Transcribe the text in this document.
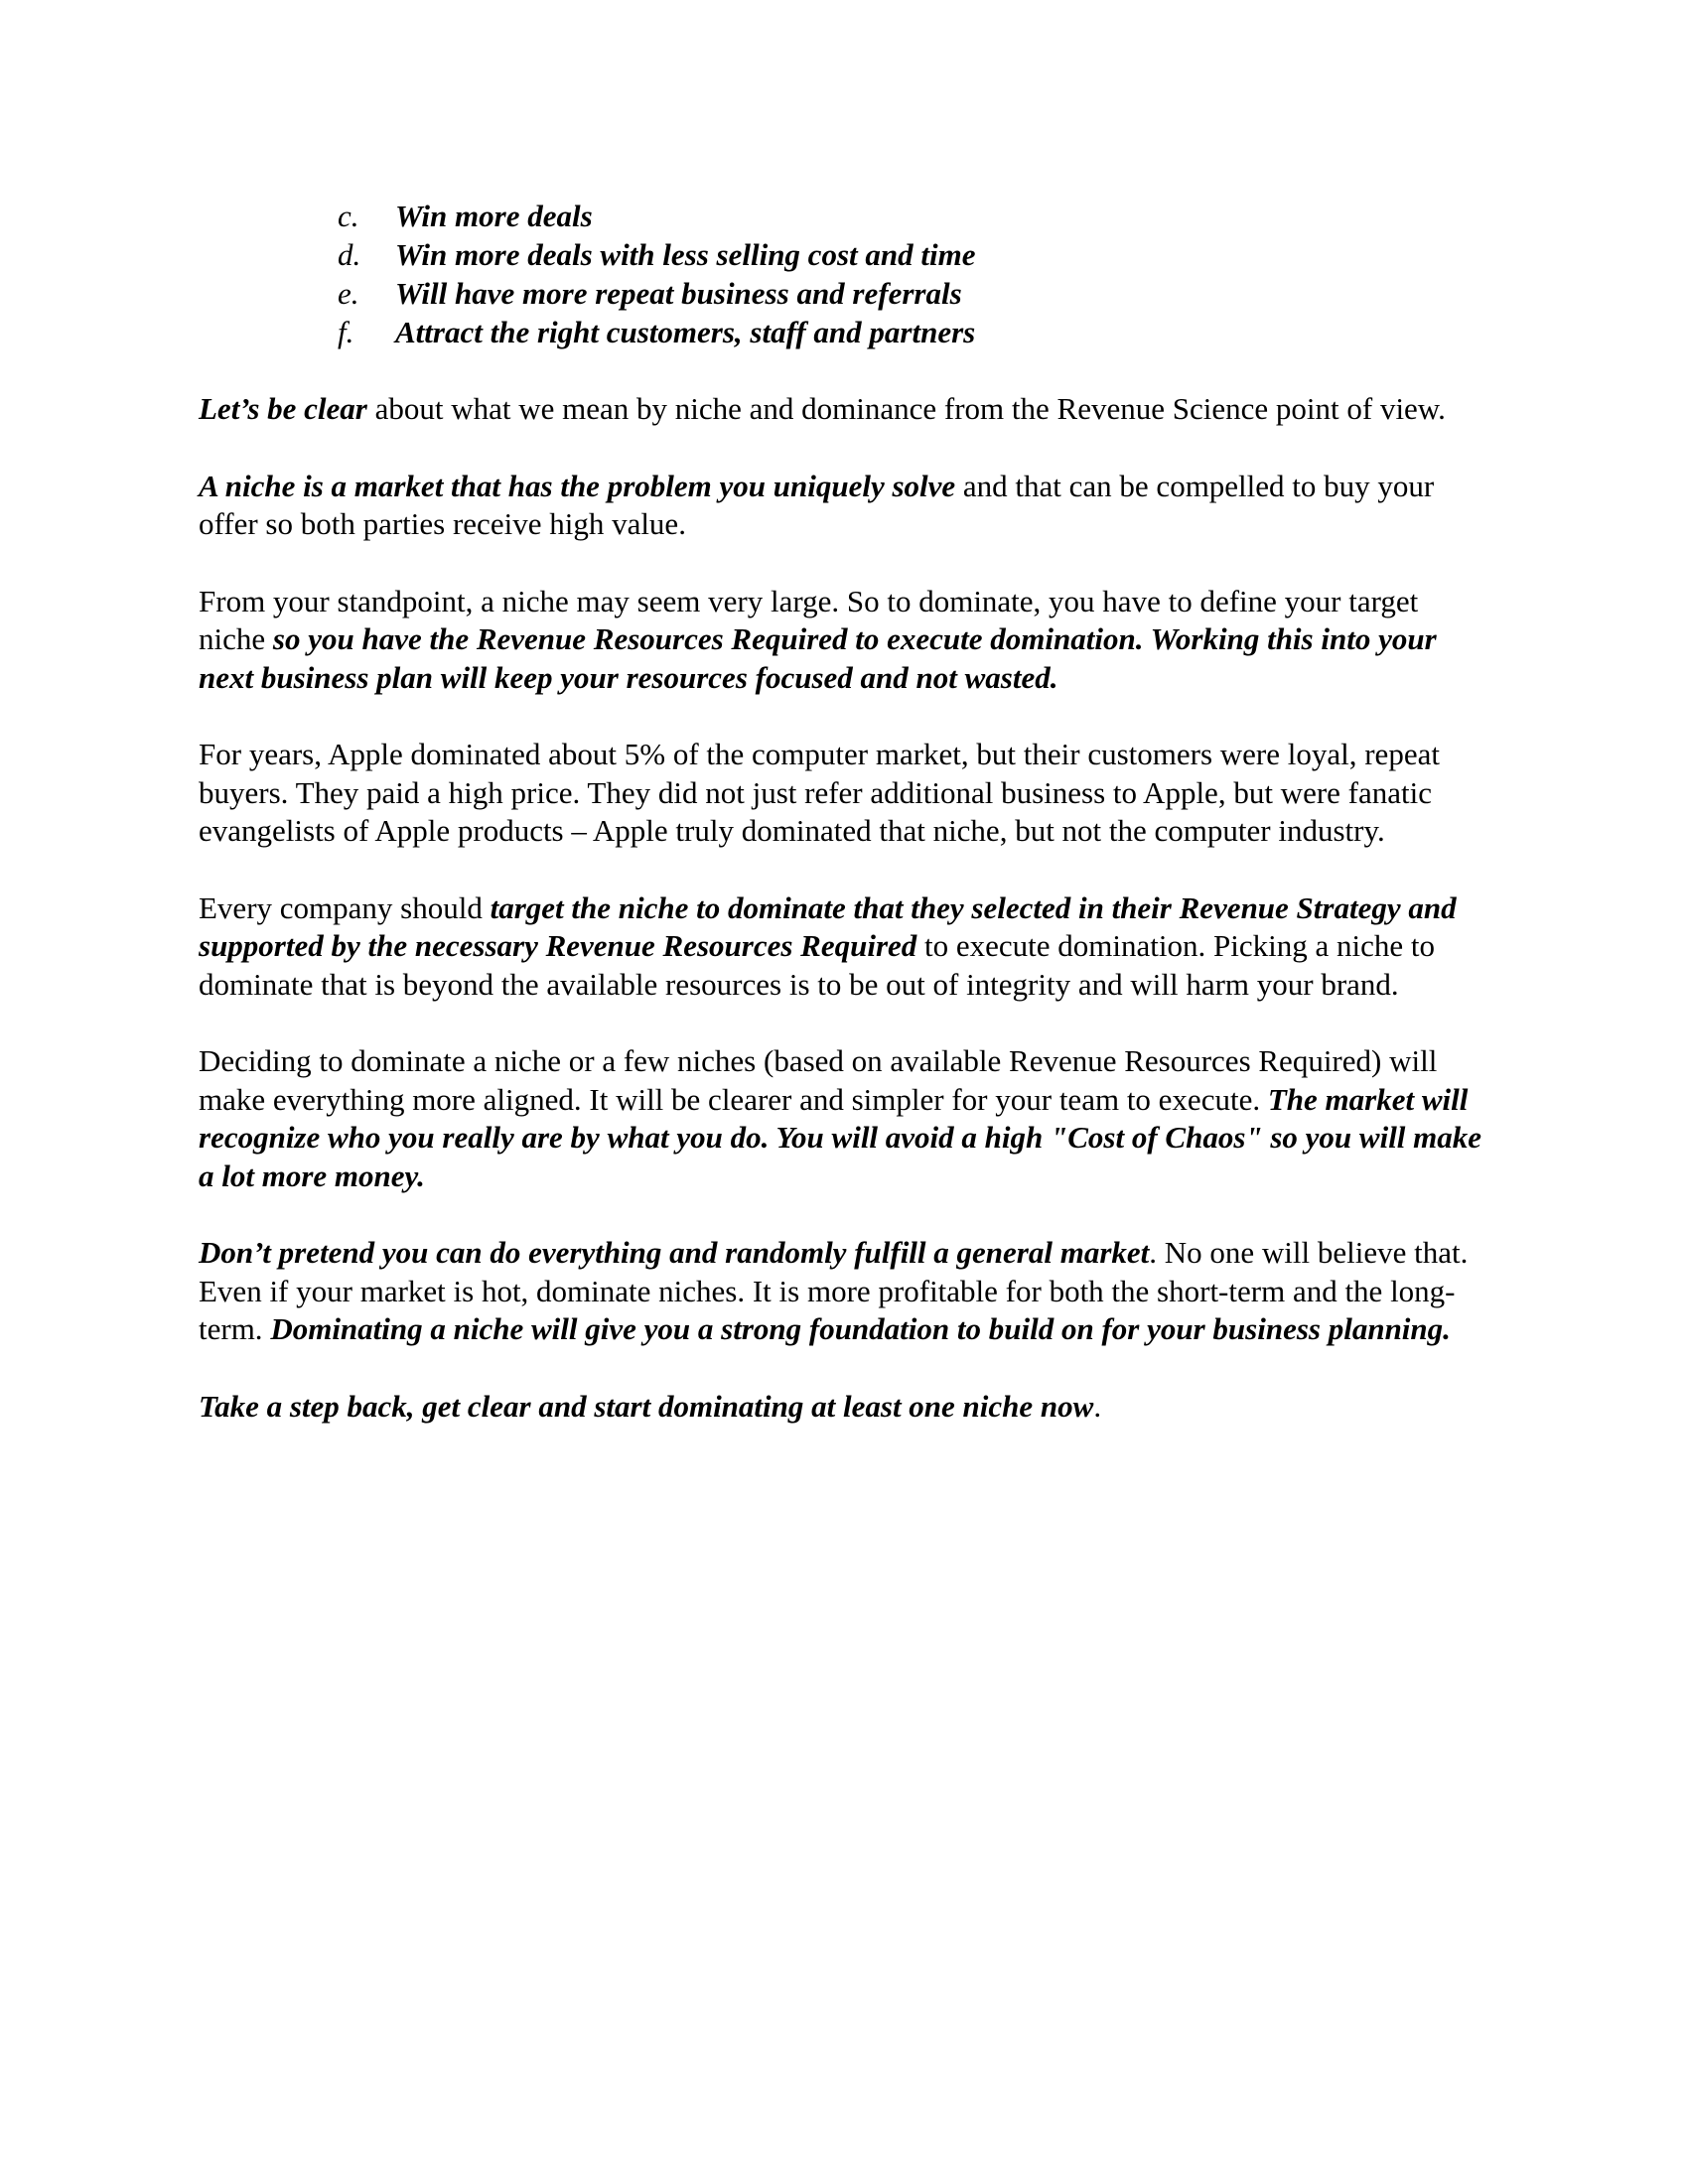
c. Win more deals
d. Win more deals with less selling cost and time
e. Will have more repeat business and referrals
f. Attract the right customers, staff and partners

Let’s be clear about what we mean by niche and dominance from the Revenue Science point of view.

A niche is a market that has the problem you uniquely solve and that can be compelled to buy your offer so both parties receive high value.

From your standpoint, a niche may seem very large. So to dominate, you have to define your target niche so you have the Revenue Resources Required to execute domination. Working this into your next business plan will keep your resources focused and not wasted.

For years, Apple dominated about 5% of the computer market, but their customers were loyal, repeat buyers. They paid a high price. They did not just refer additional business to Apple, but were fanatic evangelists of Apple products – Apple truly dominated that niche, but not the computer industry.

Every company should target the niche to dominate that they selected in their Revenue Strategy and supported by the necessary Revenue Resources Required to execute domination. Picking a niche to dominate that is beyond the available resources is to be out of integrity and will harm your brand.

Deciding to dominate a niche or a few niches (based on available Revenue Resources Required) will make everything more aligned. It will be clearer and simpler for your team to execute. The market will recognize who you really are by what you do. You will avoid a high "Cost of Chaos" so you will make a lot more money.

Don’t pretend you can do everything and randomly fulfill a general market. No one will believe that. Even if your market is hot, dominate niches. It is more profitable for both the short-term and the long-term. Dominating a niche will give you a strong foundation to build on for your business planning.

Take a step back, get clear and start dominating at least one niche now.
